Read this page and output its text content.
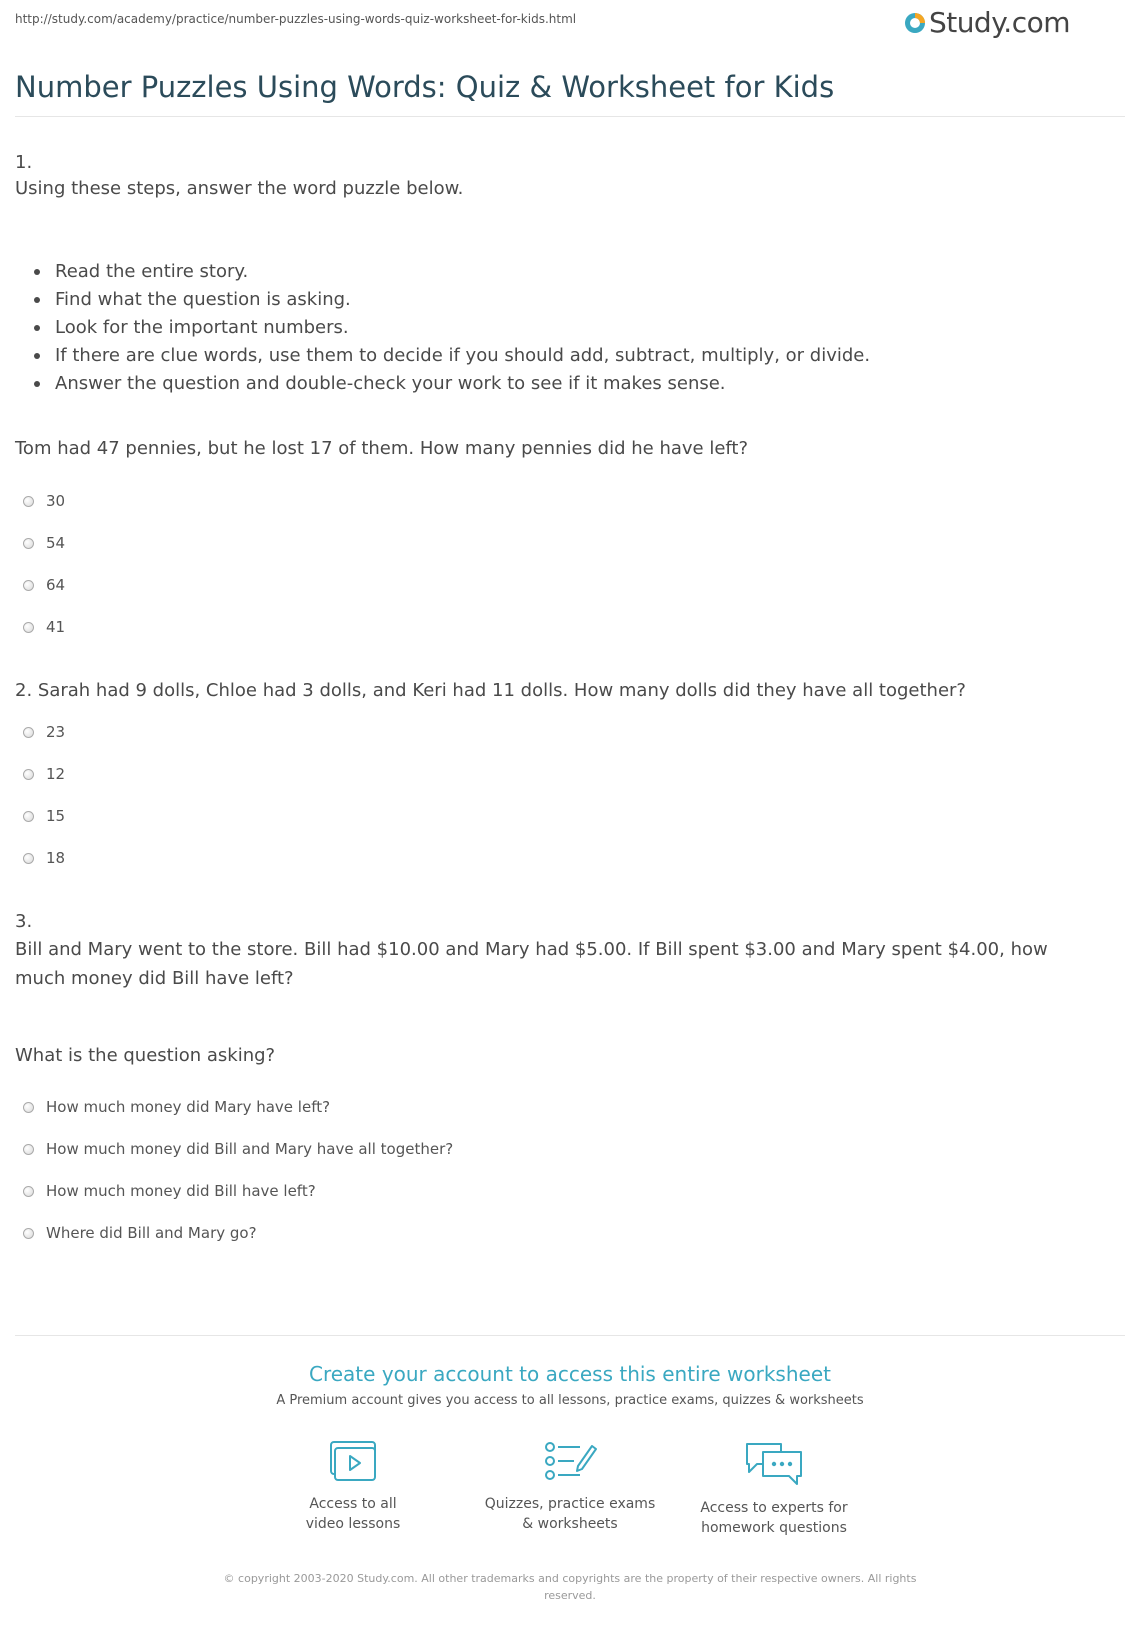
http://study.com/academy/practice/number-puzzles-using-words-quiz-worksheet-for-kids.html	Study.com
Number Puzzles Using Words: Quiz & Worksheet for Kids
1.
Using these steps, answer the word puzzle below.
Read the entire story.
Find what the question is asking.
Look for the important numbers.
If there are clue words, use them to decide if you should add, subtract, multiply, or divide.
Answer the question and double-check your work to see if it makes sense.
Tom had 47 pennies, but he lost 17 of them. How many pennies did he have left?
30
54
64
41
2. Sarah had 9 dolls, Chloe had 3 dolls, and Keri had 11 dolls. How many dolls did they have all together?
23
12
15
18
3.
Bill and Mary went to the store. Bill had $10.00 and Mary had $5.00. If Bill spent $3.00 and Mary spent $4.00, how
much money did Bill have left?
What is the question asking?
How much money did Mary have left?
How much money did Bill and Mary have all together?
How much money did Bill have left?
Where did Bill and Mary go?
Create your account to access this entire worksheet
A Premium account gives you access to all lessons, practice exams, quizzes & worksheets
Access to all
video lessons
Quizzes, practice exams
& worksheets
Access to experts for
homework questions
© copyright 2003-2020 Study.com. All other trademarks and copyrights are the property of their respective owners. All rights
reserved.
